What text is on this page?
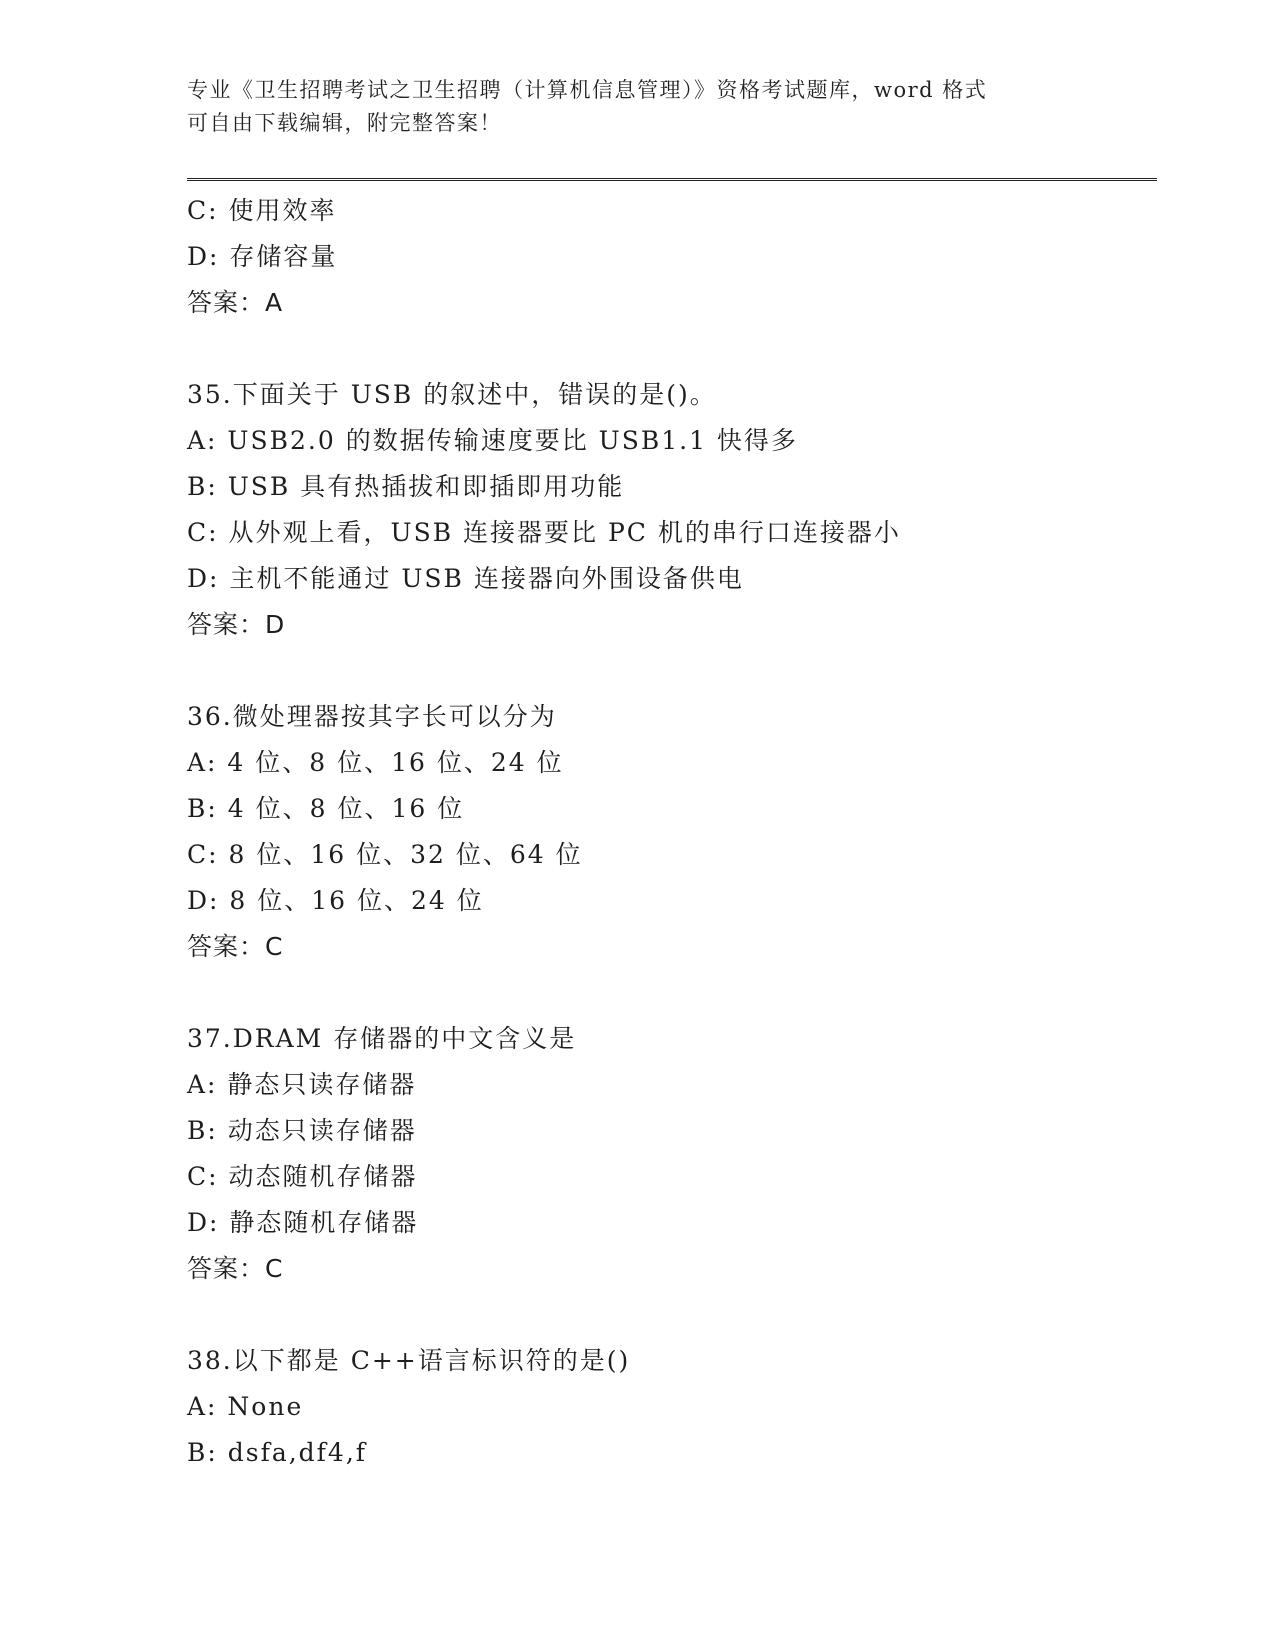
专业《卫生招聘考试之卫生招聘（计算机信息管理）》资格考试题库，word 格式
可自由下载编辑，附完整答案！
C: 使用效率
D: 存储容量
答案：A
35.下面关于 USB 的叙述中，错误的是()。
A: USB2.0 的数据传输速度要比 USB1.1 快得多
B: USB 具有热插拔和即插即用功能
C: 从外观上看，USB 连接器要比 PC 机的串行口连接器小
D: 主机不能通过 USB 连接器向外围设备供电
答案：D
36.微处理器按其字长可以分为
A: 4 位、8 位、16 位、24 位
B: 4 位、8 位、16 位
C: 8 位、16 位、32 位、64 位
D: 8 位、16 位、24 位
答案：C
37.DRAM 存储器的中文含义是
A: 静态只读存储器
B: 动态只读存储器
C: 动态随机存储器
D: 静态随机存储器
答案：C
38.以下都是 C++语言标识符的是()
A: None
B: dsfa,df4,f
